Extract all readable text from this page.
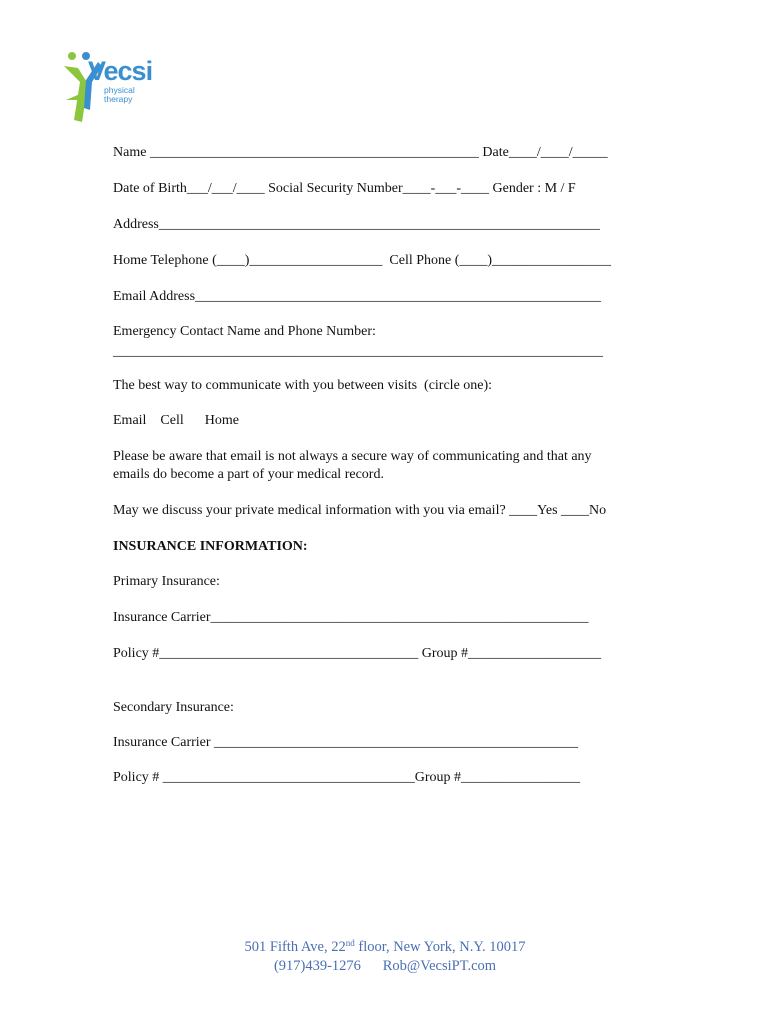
Vecsi
physical
therapy
Name _______________________________________________ Date____/____/_____
Date of Birth___/___/____ Social Security Number____-___-____ Gender : M / F
Address_______________________________________________________________
Home Telephone (____)___________________  Cell Phone (____)_________________
Email Address__________________________________________________________
Emergency Contact Name and Phone Number:
______________________________________________________________________
The best way to communicate with you between visits  (circle one):
Email    Cell      Home
Please be aware that email is not always a secure way of communicating and that any
emails do become a part of your medical record.
May we discuss your private medical information with you via email? ____Yes ____No
INSURANCE INFORMATION:
Primary Insurance:
Insurance Carrier______________________________________________________
Policy #_____________________________________ Group #___________________
Secondary Insurance:
Insurance Carrier ____________________________________________________
Policy # ____________________________________Group #_________________
501 Fifth Ave, 22nd floor, New York, N.Y. 10017
(917)439-1276 Rob@VecsiPT.com
